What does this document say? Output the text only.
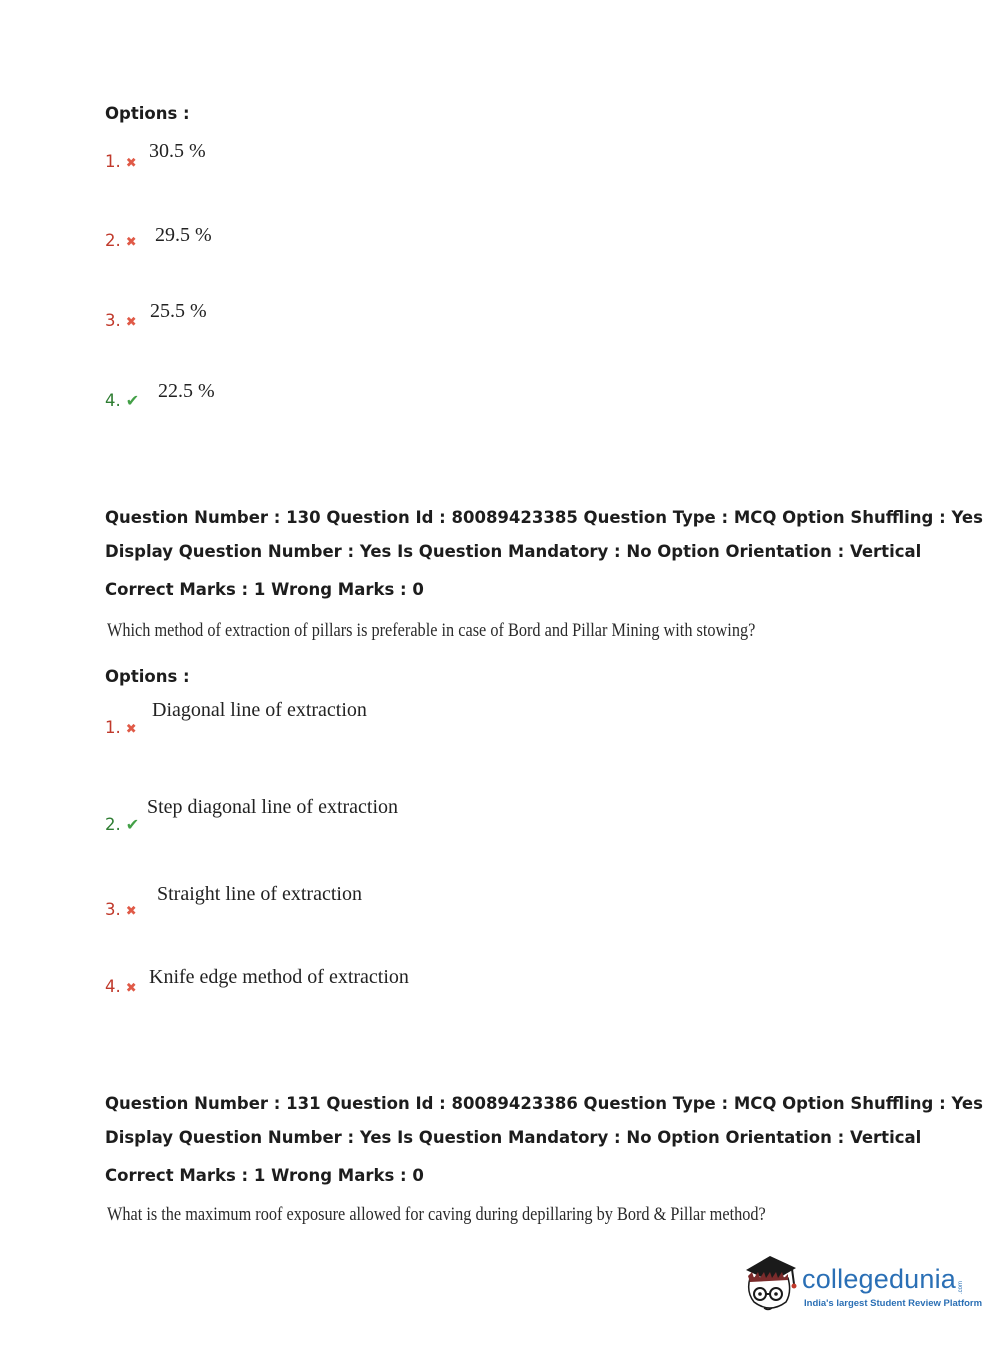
Options :
1. ✖
30.5 %
2. ✖ 29.5 %
3. ✖
25.5 %
4. ✔ 22.5 %
Question Number : 130 Question Id : 80089423385 Question Type : MCQ Option Shuffling : Yes
Display Question Number : Yes Is Question Mandatory : No Option Orientation : Vertical
Correct Marks : 1 Wrong Marks : 0
Which method of extraction of pillars is preferable in case of Bord and Pillar Mining with stowing?
Options :
1. ✖
Diagonal line of extraction
2. ✔
Step diagonal line of extraction
3. ✖
Straight line of extraction
4. ✖
Knife edge method of extraction
Question Number : 131 Question Id : 80089423386 Question Type : MCQ Option Shuffling : Yes
Display Question Number : Yes Is Question Mandatory : No Option Orientation : Vertical
Correct Marks : 1 Wrong Marks : 0
What is the maximum roof exposure allowed for caving during depillaring by Bord & Pillar method?
collegedunia .com
India's largest Student Review Platform
